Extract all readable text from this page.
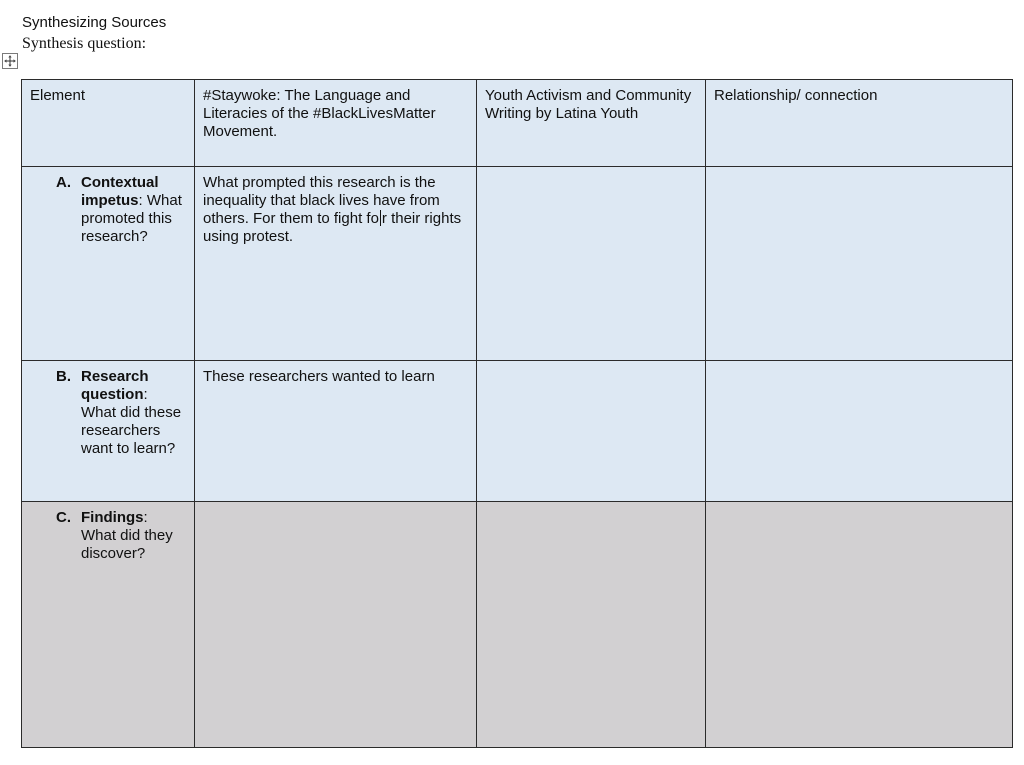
Synthesizing Sources
Synthesis question:
Element	#Staywoke: The Language and Literacies of the #BlackLivesMatter Movement.	Youth Activism and Community Writing by Latina Youth	Relationship/ connection

A. Contextual impetus: What promoted this research?	What prompted this research is the inequality that black lives have from others. For them to fight fo r their rights using protest.		

B. Research question: What did these researchers want to learn?	These researchers wanted to learn		

C. Findings: What did they discover?			
